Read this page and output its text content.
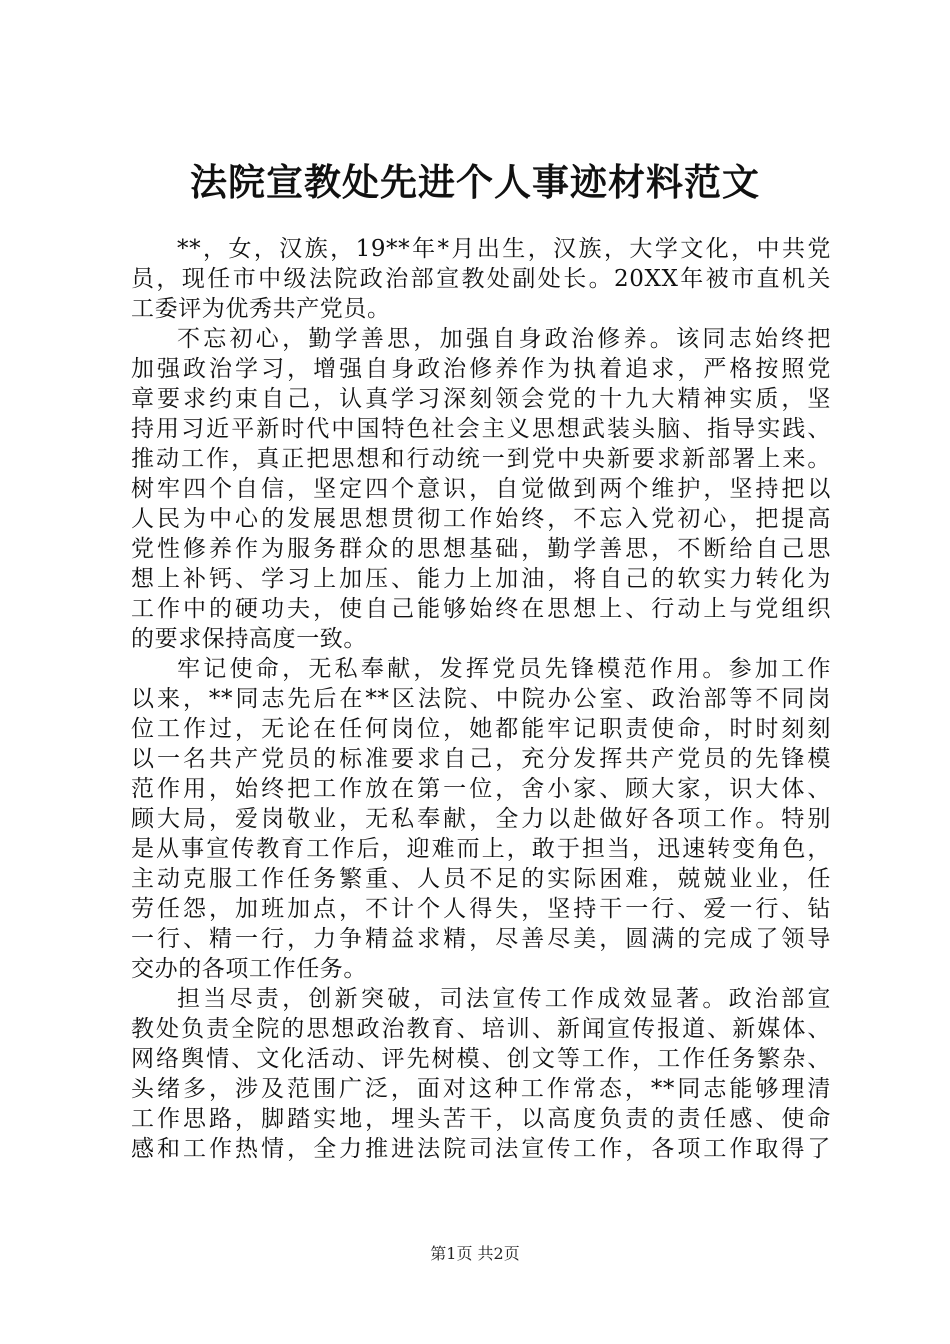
法院宣教处先进个人事迹材料范文
**，女，汉族，19**年*月出生，汉族，大学文化，中共党
员，现任市中级法院政治部宣教处副处长。20XX年被市直机关
工委评为优秀共产党员。
不忘初心，勤学善思，加强自身政治修养。该同志始终把
加强政治学习，增强自身政治修养作为执着追求，严格按照党
章要求约束自己，认真学习深刻领会党的十九大精神实质，坚
持用习近平新时代中国特色社会主义思想武装头脑、指导实践、
推动工作，真正把思想和行动统一到党中央新要求新部署上来。
树牢四个自信，坚定四个意识，自觉做到两个维护，坚持把以
人民为中心的发展思想贯彻工作始终，不忘入党初心，把提高
党性修养作为服务群众的思想基础，勤学善思，不断给自己思
想上补钙、学习上加压、能力上加油，将自己的软实力转化为
工作中的硬功夫，使自己能够始终在思想上、行动上与党组织
的要求保持高度一致。
牢记使命，无私奉献，发挥党员先锋模范作用。参加工作
以来，**同志先后在**区法院、中院办公室、政治部等不同岗
位工作过，无论在任何岗位，她都能牢记职责使命，时时刻刻
以一名共产党员的标准要求自己，充分发挥共产党员的先锋模
范作用，始终把工作放在第一位，舍小家、顾大家，识大体、
顾大局，爱岗敬业，无私奉献，全力以赴做好各项工作。特别
是从事宣传教育工作后，迎难而上，敢于担当，迅速转变角色，
主动克服工作任务繁重、人员不足的实际困难，兢兢业业，任
劳任怨，加班加点，不计个人得失，坚持干一行、爱一行、钻
一行、精一行，力争精益求精，尽善尽美，圆满的完成了领导
交办的各项工作任务。
担当尽责，创新突破，司法宣传工作成效显著。政治部宣
教处负责全院的思想政治教育、培训、新闻宣传报道、新媒体、
网络舆情、文化活动、评先树模、创文等工作，工作任务繁杂、
头绪多，涉及范围广泛，面对这种工作常态，**同志能够理清
工作思路，脚踏实地，埋头苦干，以高度负责的责任感、使命
感和工作热情，全力推进法院司法宣传工作，各项工作取得了
第1页 共2页
